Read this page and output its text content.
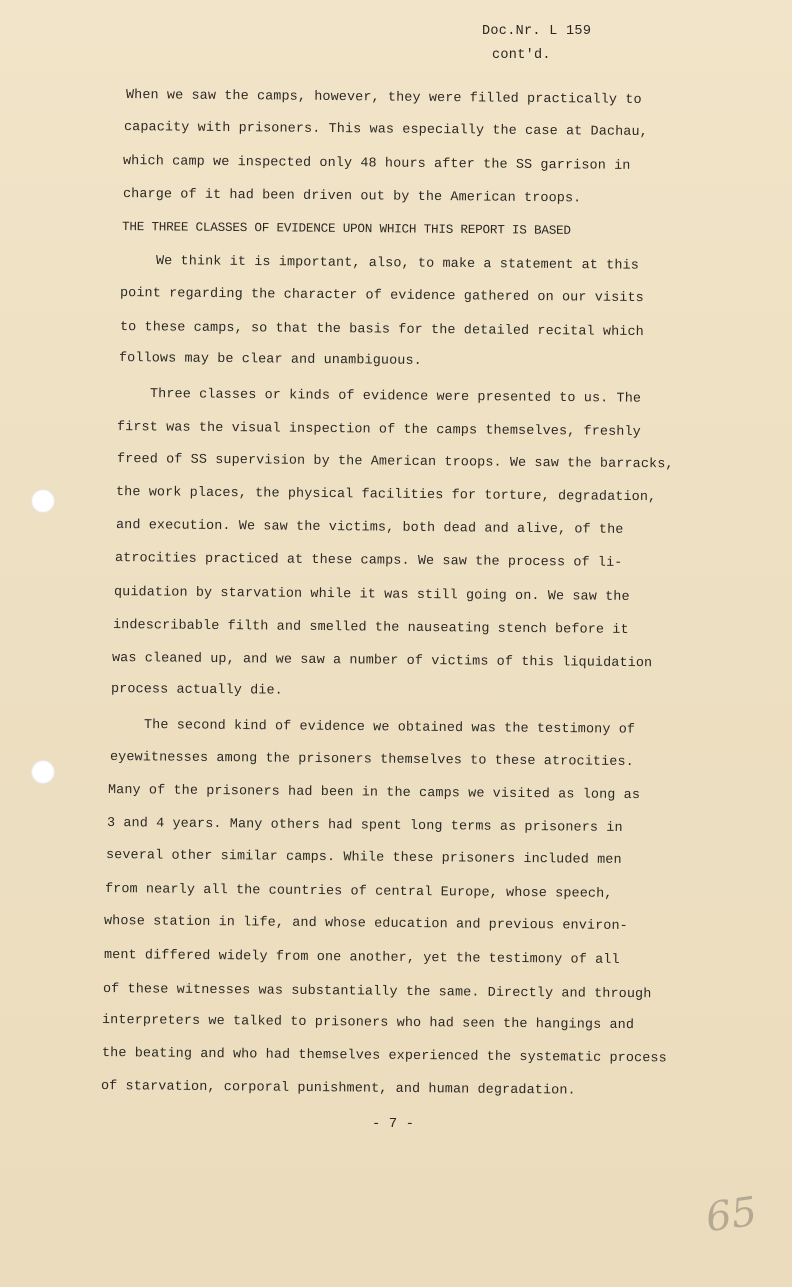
Doc.Nr. L 159
cont'd.
When we saw the camps, however, they were filled practically to
capacity with prisoners. This was especially the case at Dachau,
which camp we inspected only 48 hours after the SS garrison in
charge of it had been driven out by the American troops.
THE THREE CLASSES OF EVIDENCE UPON WHICH THIS REPORT IS BASED
We think it is important, also, to make a statement at this
point regarding the character of evidence gathered on our visits
to these camps, so that the basis for the detailed recital which
follows may be clear and unambiguous.
Three classes or kinds of evidence were presented to us. The
first was the visual inspection of the camps themselves, freshly
freed of SS supervision by the American troops. We saw the barracks,
the work places, the physical facilities for torture, degradation,
and execution. We saw the victims, both dead and alive, of the
atrocities practiced at these camps. We saw the process of li-
quidation by starvation while it was still going on. We saw the
indescribable filth and smelled the nauseating stench before it
was cleaned up, and we saw a number of victims of this liquidation
process actually die.
The second kind of evidence we obtained was the testimony of
eyewitnesses among the prisoners themselves to these atrocities.
Many of the prisoners had been in the camps we visited as long as
3 and 4 years. Many others had spent long terms as prisoners in
several other similar camps. While these prisoners included men
from nearly all the countries of central Europe, whose speech,
whose station in life, and whose education and previous environ-
ment differed widely from one another, yet the testimony of all
of these witnesses was substantially the same. Directly and through
interpreters we talked to prisoners who had seen the hangings and
the beating and who had themselves experienced the systematic process
of starvation, corporal punishment, and human degradation.
- 7 -
65
